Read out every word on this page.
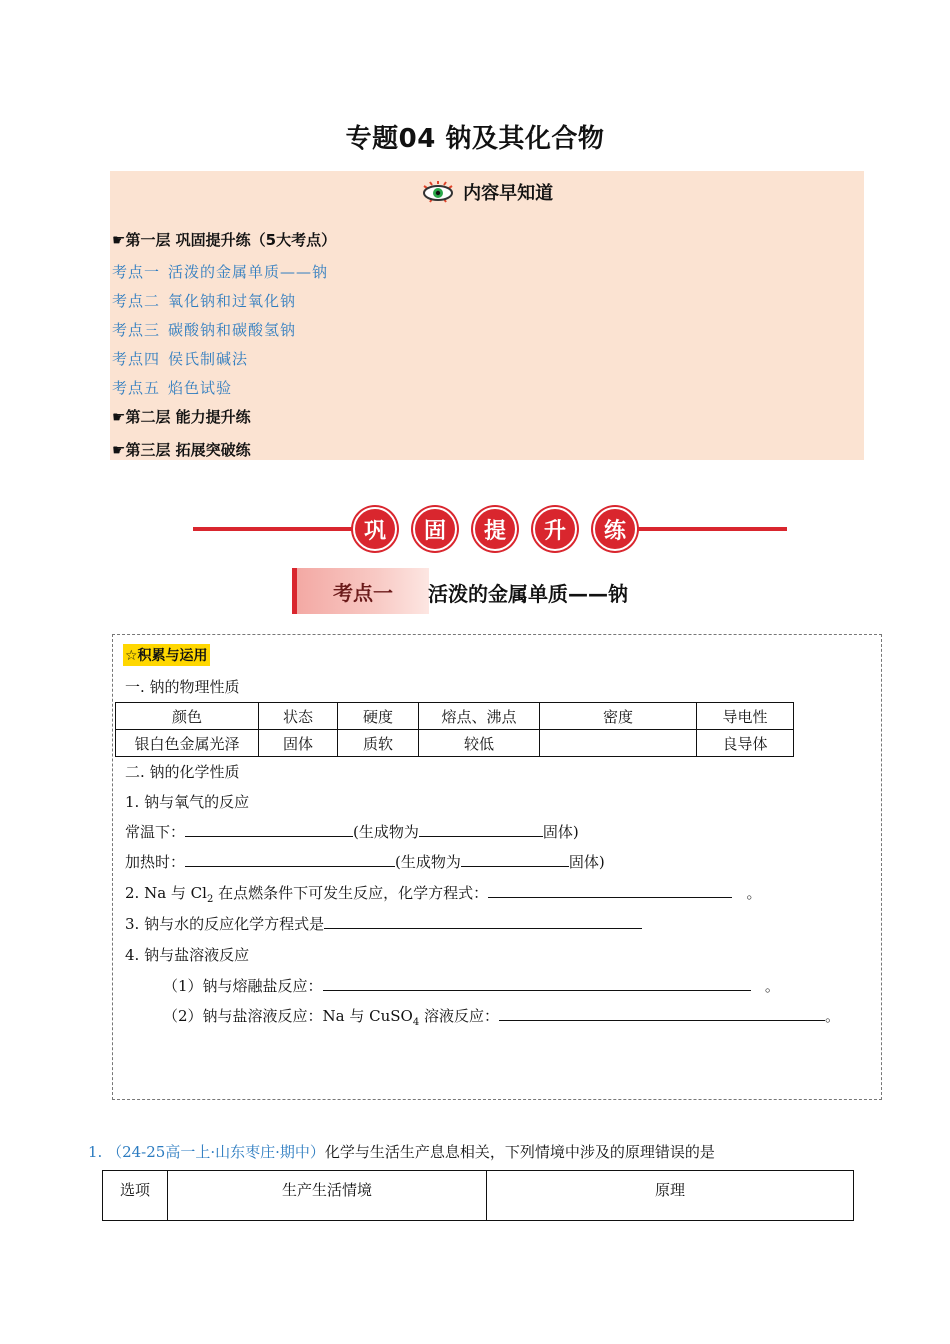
专题04 钠及其化合物
内容早知道
☛第一层 巩固提升练（5大考点）
考点一 活泼的金属单质——钠
考点二 氧化钠和过氧化钠
考点三 碳酸钠和碳酸氢钠
考点四 侯氏制碱法
考点五 焰色试验
☛第二层 能力提升练
☛第三层 拓展突破练
巩	固	提	升	练
考点一	活泼的金属单质——钠
☆积累与运用
一. 钠的物理性质
颜色	状态	硬度	熔点、沸点	密度	导电性
银白色金属光泽	固体	质软	较低		良导体
二. 钠的化学性质
1. 钠与氧气的反应
常温下：	(生成物为	固体)
加热时：	(生成物为	固体)
2. Na 与 $Cl_2$ 在点燃条件下可发生反应，化学方程式：	。
3. 钠与水的反应化学方程式是
4. 钠与盐溶液反应
（1）钠与熔融盐反应：	。
（2）钠与盐溶液反应：Na 与 CuSO$_4$ 溶液反应：	。
1. （24-25高一上·山东枣庄·期中）化学与生活生产息息相关，下列情境中涉及的原理错误的是
选项	生产生活情境	原理
